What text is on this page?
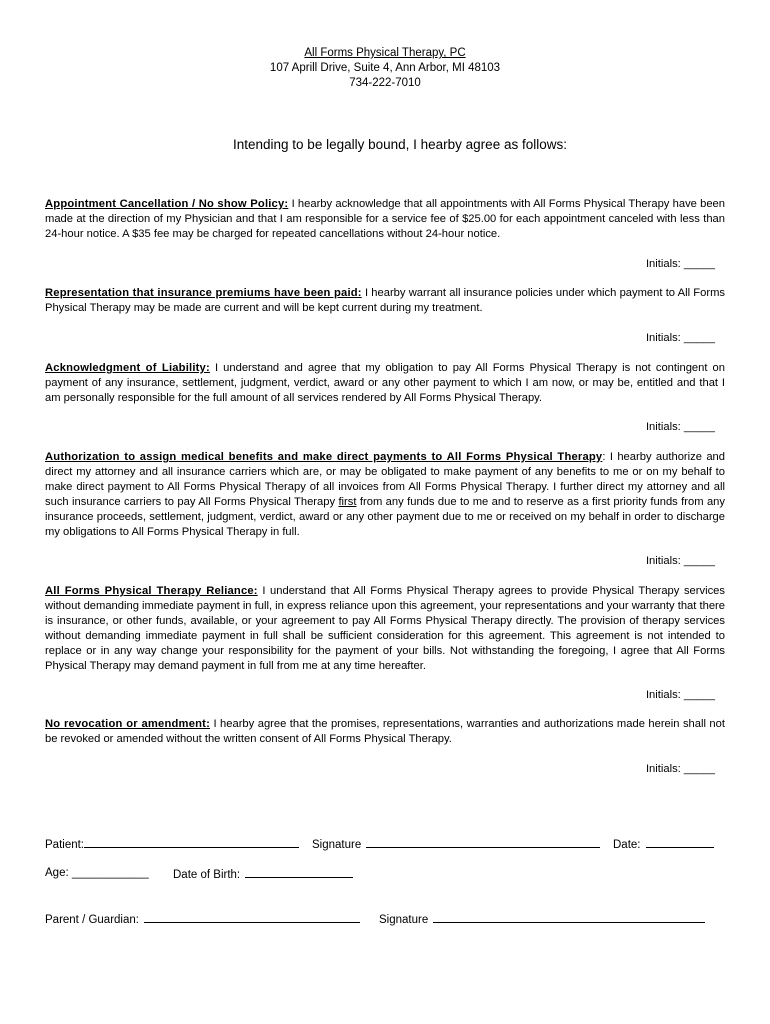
All Forms Physical Therapy, PC
107 Aprill Drive, Suite 4, Ann Arbor, MI 48103
734-222-7010
Intending to be legally bound, I hearby agree as follows:
Appointment Cancellation / No show Policy: I hearby acknowledge that all appointments with All Forms Physical Therapy have been made at the direction of my Physician and that I am responsible for a service fee of $25.00 for each appointment canceled with less than 24-hour notice. A $35 fee may be charged for repeated cancellations without 24-hour notice.
Initials: _____
Representation that insurance premiums have been paid: I hearby warrant all insurance policies under which payment to All Forms Physical Therapy may be made are current and will be kept current during my treatment.
Initials: _____
Acknowledgment of Liability: I understand and agree that my obligation to pay All Forms Physical Therapy is not contingent on payment of any insurance, settlement, judgment, verdict, award or any other payment to which I am now, or may be, entitled and that I am personally responsible for the full amount of all services rendered by All Forms Physical Therapy.
Initials: _____
Authorization to assign medical benefits and make direct payments to All Forms Physical Therapy: I hearby authorize and direct my attorney and all insurance carriers which are, or may be obligated to make payment of any benefits to me or on my behalf to make direct payment to All Forms Physical Therapy of all invoices from All Forms Physical Therapy. I further direct my attorney and all such insurance carriers to pay All Forms Physical Therapy first from any funds due to me and to reserve as a first priority funds from any insurance proceeds, settlement, judgment, verdict, award or any other payment due to me or received on my behalf in order to discharge my obligations to All Forms Physical Therapy in full.
Initials: _____
All Forms Physical Therapy Reliance: I understand that All Forms Physical Therapy agrees to provide Physical Therapy services without demanding immediate payment in full, in express reliance upon this agreement, your representations and your warranty that there is insurance, or other funds, available, or your agreement to pay All Forms Physical Therapy directly. The provision of therapy services without demanding immediate payment in full shall be sufficient consideration for this agreement. This agreement is not intended to replace or in any way change your responsibility for the payment of your bills. Not withstanding the foregoing, I agree that All Forms Physical Therapy may demand payment in full from me at any time hereafter.
Initials: _____
No revocation or amendment: I hearby agree that the promises, representations, warranties and authorizations made herein shall not be revoked or amended without the written consent of All Forms Physical Therapy.
Initials: _____
Patient:	Signature	Date:
Age: ____________ Date of Birth:
Parent / Guardian:	Signature
